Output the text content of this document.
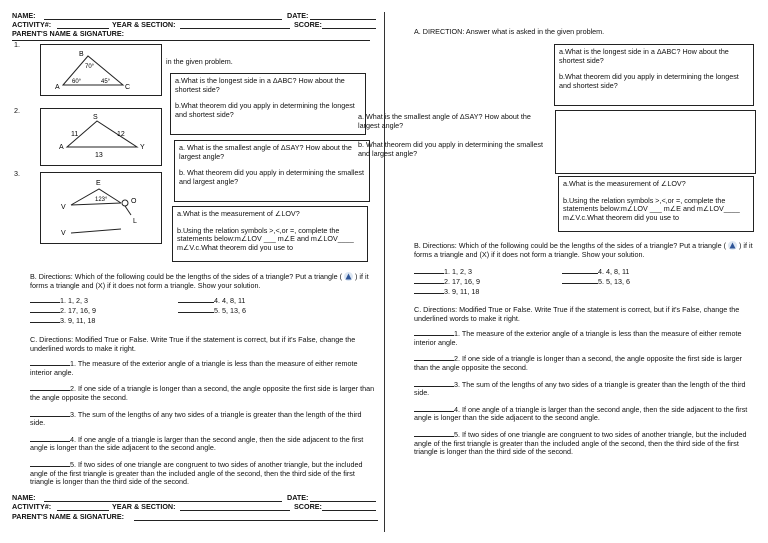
NAME:	DATE:
ACTIVITY#:	YEAR & SECTION:	SCORE:
PARENT'S NAME & SIGNATURE:
1.
2.
3.
B
A	C
70°
60°	45°
in the given problem.

a.What is the longest side in a ΔABC? How about the shortest side?

b.What theorem did you apply in determining the longest and shortest side?

S
A	Y
11	12
13

a. What is the smallest angle of ΔSAY? How about the largest angle?

b. What theorem did you apply in determining the smallest and largest angle?

E
V
123°	O
L
V

a.What is the measurement of ∠LOV?

b.Using the relation symbols >,<,or =, complete the statements below:m∠LOV ___ m∠E and m∠LOV____ m∠V.c.What theorem did you use to

B. Directions: Which of the following could be the lengths of the sides of a triangle? Put a triangle ( ) if it forms a triangle and (X) if it does not form a triangle. Show your solution.
1. 1, 2, 3	4. 4, 8, 11
2. 17, 16, 9	5. 5, 13, 6
3. 9, 11, 18
C. Directions: Modified True or False. Write True if the statement is correct, but if it's False, change the underlined words to make it right.
1. The measure of the exterior angle of a triangle is less than the measure of either remote interior angle.
2. If one side of a triangle is longer than a second, the angle opposite the first side is larger than the angle opposite the second.
3. The sum of the lengths of any two sides of a triangle is greater than the length of the third side.
4. If one angle of a triangle is larger than the second angle, then the side adjacent to the first angle is longer than the side adjacent to the second angle.
5. If two sides of one triangle are congruent to two sides of another triangle, but the included angle of the first triangle is greater than the included angle of the second, then the third side of the first triangle is longer than the third side of the second.
NAME:	DATE:
ACTIVITY#:	YEAR & SECTION:	SCORE:
PARENT'S NAME & SIGNATURE:
A. DIRECTION: Answer what is asked in the given problem.

a.What is the longest side in a ΔABC? How about the shortest side?

b.What theorem did you apply in determining the longest and shortest side?

a. What is the smallest angle of ΔSAY? How about the largest angle?
b. What theorem did you apply in determining the smallest and largest angle?

a.What is the measurement of ∠LOV?

b.Using the relation symbols >,<,or =, complete the statements below:m∠LOV ___ m∠E and m∠LOV____ m∠V.c.What theorem did you use to

B. Directions: Which of the following could be the lengths of the sides of a triangle? Put a triangle ( ) if it forms a triangle and (X) if it does not form a triangle. Show your solution.
1. 1, 2, 3	4. 4, 8, 11
2. 17, 16, 9	5. 5, 13, 6
3. 9, 11, 18
C. Directions: Modified True or False. Write True if the statement is correct, but if it's False, change the underlined words to make it right.
1. The measure of the exterior angle of a triangle is less than the measure of either remote interior angle.
2. If one side of a triangle is longer than a second, the angle opposite the first side is larger than the angle opposite the second.
3. The sum of the lengths of any two sides of a triangle is greater than the length of the third side.
4. If one angle of a triangle is larger than the second angle, then the side adjacent to the first angle is longer than the side adjacent to the second angle.
5. If two sides of one triangle are congruent to two sides of another triangle, but the included angle of the first triangle is greater than the included angle of the second, then the third side of the first triangle is longer than the third side of the second.
